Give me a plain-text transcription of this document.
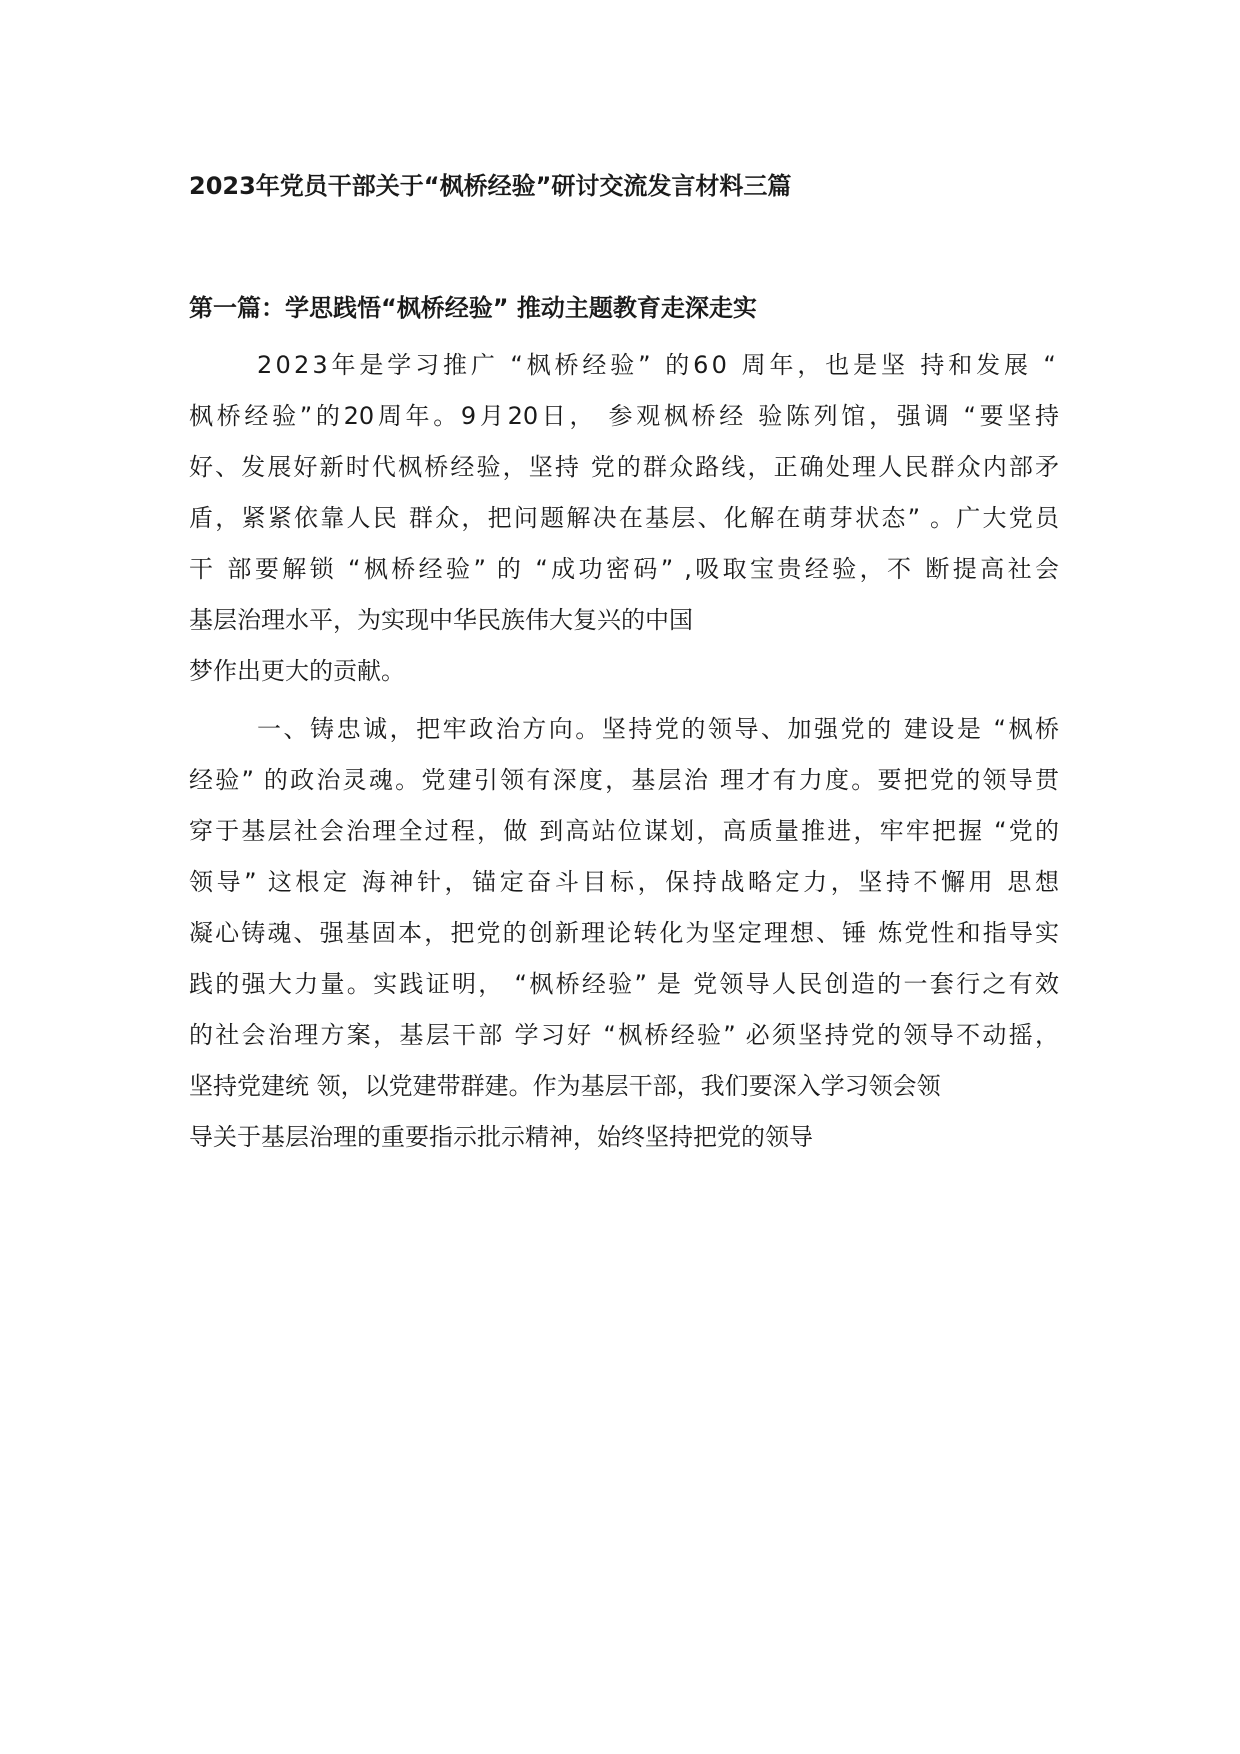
2023年党员干部关于“枫桥经验”研讨交流发言材料三篇
第一篇：学思践悟“枫桥经验” 推动主题教育走深走实
2023年是学习推广 “枫桥经验” 的60 周年，也是坚 持和发展 “
枫桥经验”的20周年。9月20日， 参观枫桥经 验陈列馆，强调 “要坚持
好、发展好新时代枫桥经验，坚持 党的群众路线，正确处理人民群众内部矛
盾，紧紧依靠人民 群众，把问题解决在基层、化解在萌芽状态” 。广大党员
干 部要解锁 “枫桥经验” 的 “成功密码” ,吸取宝贵经验，不 断提高社会
基层治理水平，为实现中华民族伟大复兴的中国
梦作出更大的贡献。
一、铸忠诚，把牢政治方向。坚持党的领导、加强党的 建设是 “枫桥
经验” 的政治灵魂。党建引领有深度，基层治 理才有力度。要把党的领导贯
穿于基层社会治理全过程，做 到高站位谋划，高质量推进，牢牢把握 “党的
领导” 这根定 海神针，锚定奋斗目标，保持战略定力，坚持不懈用 思想
凝心铸魂、强基固本，把党的创新理论转化为坚定理想、锤 炼党性和指导实
践的强大力量。实践证明， “枫桥经验” 是 党领导人民创造的一套行之有效
的社会治理方案，基层干部 学习好 “枫桥经验” 必须坚持党的领导不动摇，
坚持党建统 领，以党建带群建。作为基层干部，我们要深入学习领会领
导关于基层治理的重要指示批示精神，始终坚持把党的领导
